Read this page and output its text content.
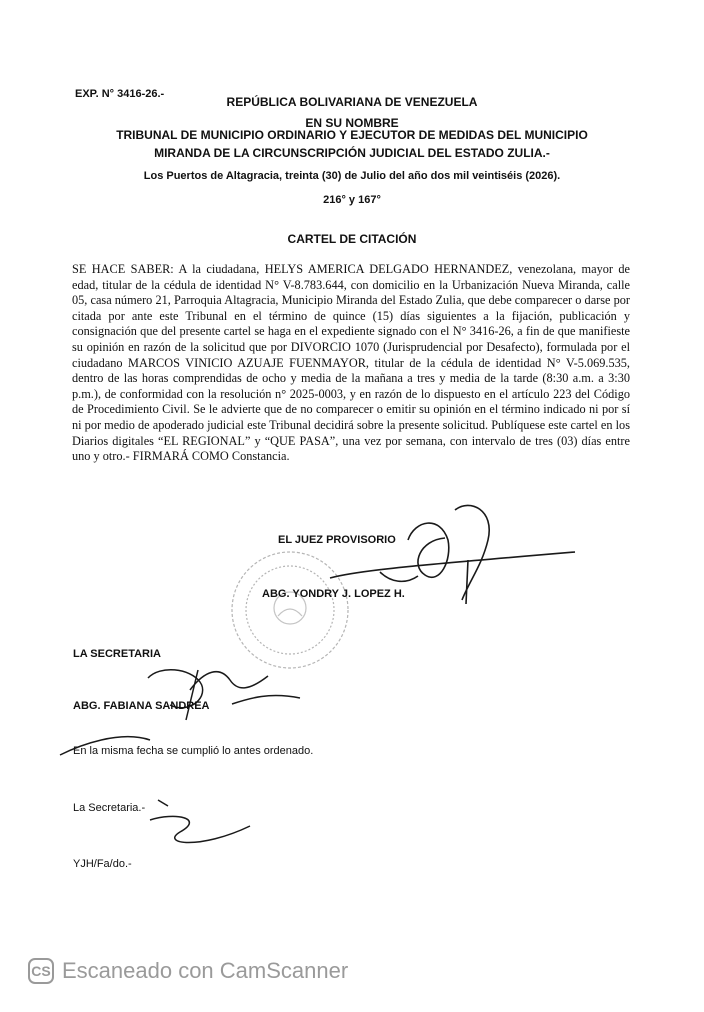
EXP. N° 3416-26.-
REPÚBLICA BOLIVARIANA DE VENEZUELA
EN SU NOMBRE
TRIBUNAL DE MUNICIPIO ORDINARIO Y EJECUTOR DE MEDIDAS DEL MUNICIPIO
MIRANDA DE LA CIRCUNSCRIPCIÓN JUDICIAL DEL ESTADO ZULIA.-
Los Puertos de Altagracia, treinta (30) de Julio del año dos mil veintiséis (2026).
216° y 167°
CARTEL DE CITACIÓN

SE HACE SABER: A la ciudadana, HELYS AMERICA DELGADO HERNANDEZ, venezolana, mayor de edad, titular de la cédula de identidad N° V-8.783.644, con domicilio en la Urbanización Nueva Miranda, calle 05, casa número 21, Parroquia Altagracia, Municipio Miranda del Estado Zulia, que debe comparecer o darse por citada por ante este Tribunal en el término de quince (15) días siguientes a la fijación, publicación y consignación que del presente cartel se haga en el expediente signado con el N° 3416-26, a fin de que manifieste su opinión en razón de la solicitud que por DIVORCIO 1070 (Jurisprudencial por Desafecto), formulada por el ciudadano MARCOS VINICIO AZUAJE FUENMAYOR, titular de la cédula de identidad N° V-5.069.535, dentro de las horas comprendidas de ocho y media de la mañana a tres y media de la tarde (8:30 a.m. a 3:30 p.m.), de conformidad con la resolución n° 2025-0003, y en razón de lo dispuesto en el artículo 223 del Código de Procedimiento Civil. Se le advierte que de no comparecer o emitir su opinión en el término indicado ni por sí ni por medio de apoderado judicial este Tribunal decidirá sobre la presente solicitud. Publíquese este cartel en los Diarios digitales “EL REGIONAL” y “QUE PASA”, una vez por semana, con intervalo de tres (03) días entre uno y otro.- FIRMARÁ COMO Constancia.

EL JUEZ PROVISORIO
ABG. YONDRY J. LOPEZ H.
LA SECRETARIA
ABG. FABIANA SANDREA
En la misma fecha se cumplió lo antes ordenado.
La Secretaria.-
YJH/Fa/do.-
CS Escaneado con CamScanner
